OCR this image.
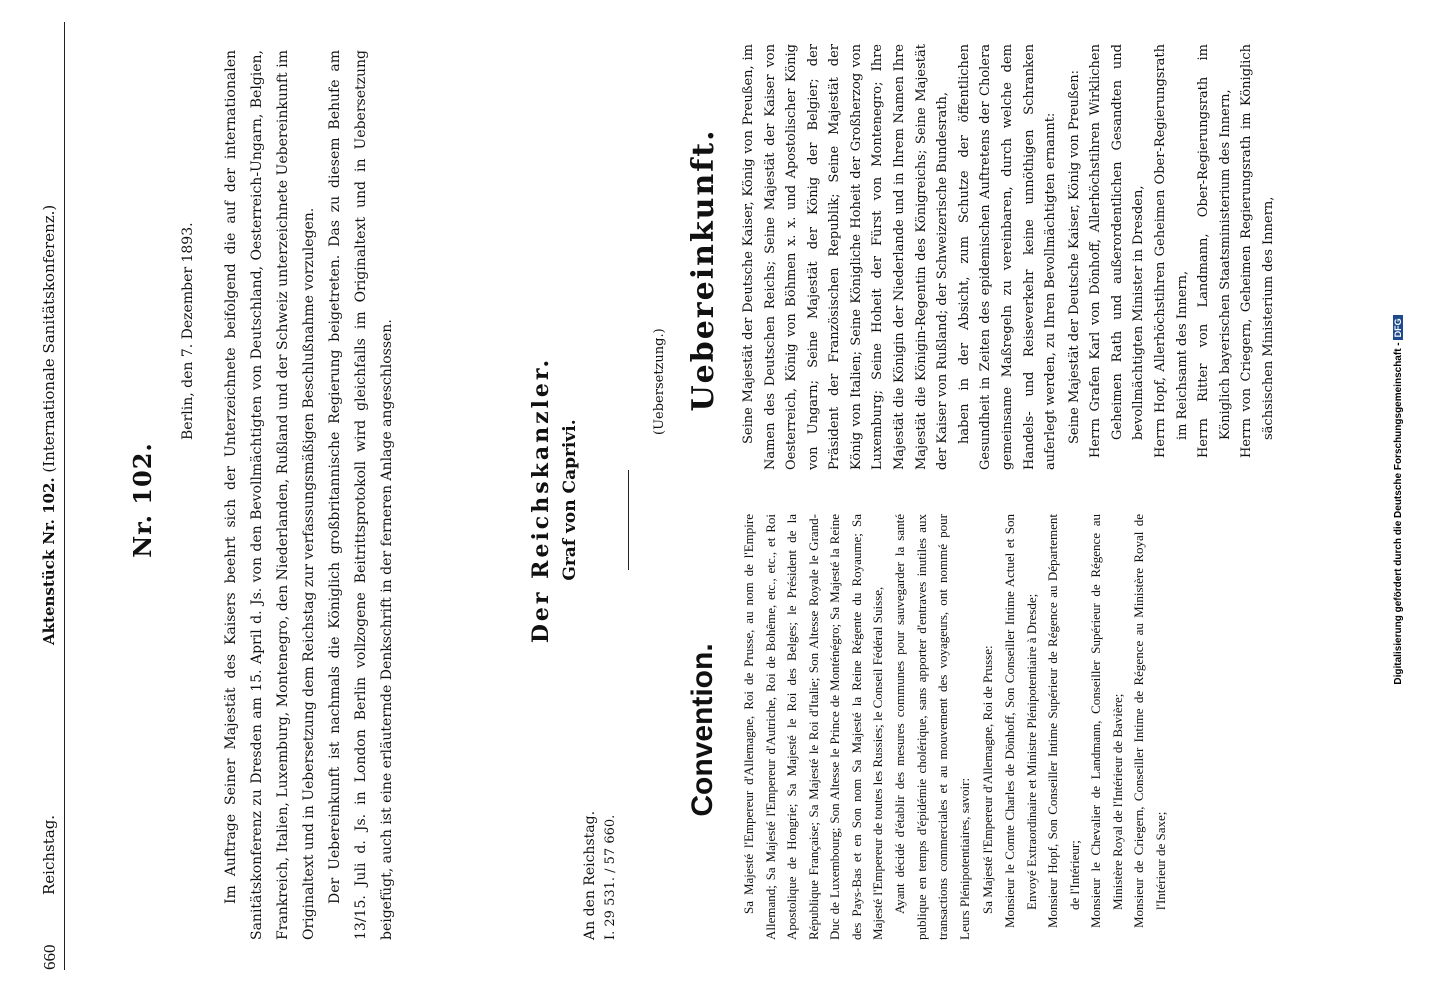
660
Reichstag.
Aktenstück Nr. 102. (Internationale Sanitätskonferenz.)
Nr. 102.
Berlin, den 7. Dezember 1893.	Im Auftrage Seiner Majestät des Kaisers beehrt sich der Unterzeichnete beifolgend die auf der internationalen Sanitätskonferenz zu Dresden am 15. April d. Js. von den Bevollmächtigten von Deutschland, Oesterreich-Ungarn, Belgien, Frankreich, Italien, Luxemburg, Montenegro, den Niederlanden, Rußland und der Schweiz unterzeichnete Uebereinkunft im Originaltext und in Uebersetzung dem Reichstag zur verfassungsmäßigen Beschlußnahme vorzulegen. Der Uebereinkunft ist nachmals die Königlich großbritannische Regierung beigetreten. Das zu diesem Behufe am 13/15. Juli d. Js. in London Berlin vollzogene Beitrittsprotokoll wird gleichfalls im Originaltext und in Uebersetzung beigefügt, auch ist eine erläuternde Denkschrift in der ferneren Anlage angeschlossen.	Der Reichskanzler. Graf von Caprivi.
An den Reichstag. I. 29 531. / 57 660.
(Uebersetzung.)
Convention.
Uebereinkunft.

Sa Majesté l'Empereur d'Allemagne, Roi de Prusse, au nom de l'Empire Allemand; Sa Majesté l'Empereur d'Autriche, Roi de Bohême, etc., etc., et Roi Apostolique de Hongrie; Sa Majesté le Roi des Belges; le Président de la République Française; Sa Majesté le Roi d'Italie; Son Altesse Royale le Grand-Duc de Luxembourg; Son Altesse le Prince de Monténégro; Sa Majesté la Reine des Pays-Bas et en Son nom Sa Majesté la Reine Régente du Royaume; Sa Majesté l'Empereur de toutes les Russies; le Conseil Fédéral Suisse, Ayant décidé d'établir des mesures communes pour sauvegarder la santé publique en temps d'épidémie cholérique, sans apporter d'entraves inutiles aux transactions commerciales et au mouvement des voyageurs, ont nommé pour Leurs Plénipotentiaires, savoir: Sa Majesté l'Empereur d'Allemagne, Roi de Prusse: Monsieur le Comte Charles de Dönhoff, Son Conseiller Intime Actuel et Son Envoyé Extraordinaire et Ministre Plénipotentiaire à Dresde; Monsieur Hopf, Son Conseiller Intime Supérieur de Régence au Département de l'Intérieur; Monsieur le Chevalier de Landmann, Conseiller Supérieur de Régence au Ministère Royal de l'Intérieur de Bavière; Monsieur de Criegern, Conseiller Intime de Régence au Ministère Royal de l'Intérieur de Saxe;

Seine Majestät der Deutsche Kaiser, König von Preußen, im Namen des Deutschen Reichs; Seine Majestät der Kaiser von Oesterreich, König von Böhmen x. x. und Apostolischer König von Ungarn; Seine Majestät der König der Belgier; der Präsident der Französischen Republik; Seine Majestät der König von Italien; Seine Königliche Hoheit der Großherzog von Luxemburg; Seine Hoheit der Fürst von Montenegro; Ihre Majestät die Königin der Niederlande und in Ihrem Namen Ihre Majestät die Königin-Regentin des Königreichs; Seine Majestät der Kaiser von Rußland; der Schweizerische Bundesrath, haben in der Absicht, zum Schutze der öffentlichen Gesundheit in Zeiten des epidemischen Auftretens der Cholera gemeinsame Maßregeln zu vereinbaren, durch welche dem Handels- und Reiseverkehr keine unnöthigen Schranken auferlegt werden, zu Ihren Bevollmächtigten ernannt: Seine Majestät der Deutsche Kaiser, König von Preußen: Herrn Grafen Karl von Dönhoff, Allerhöchstihren Wirklichen Geheimen Rath und außerordentlichen Gesandten und bevollmächtigten Minister in Dresden, Herrn Hopf, Allerhöchstihren Geheimen Ober-Regierungsrath im Reichsamt des Innern, Herrn Ritter von Landmann, Ober-Regierungsrath im Königlich bayerischen Staatsministerium des Innern, Herrn von Criegern, Geheimen Regierungsrath im Königlich sächsischen Ministerium des Innern,

Digitalisierung gefördert durch die Deutsche Forschungsgemeinschaft -DFG
